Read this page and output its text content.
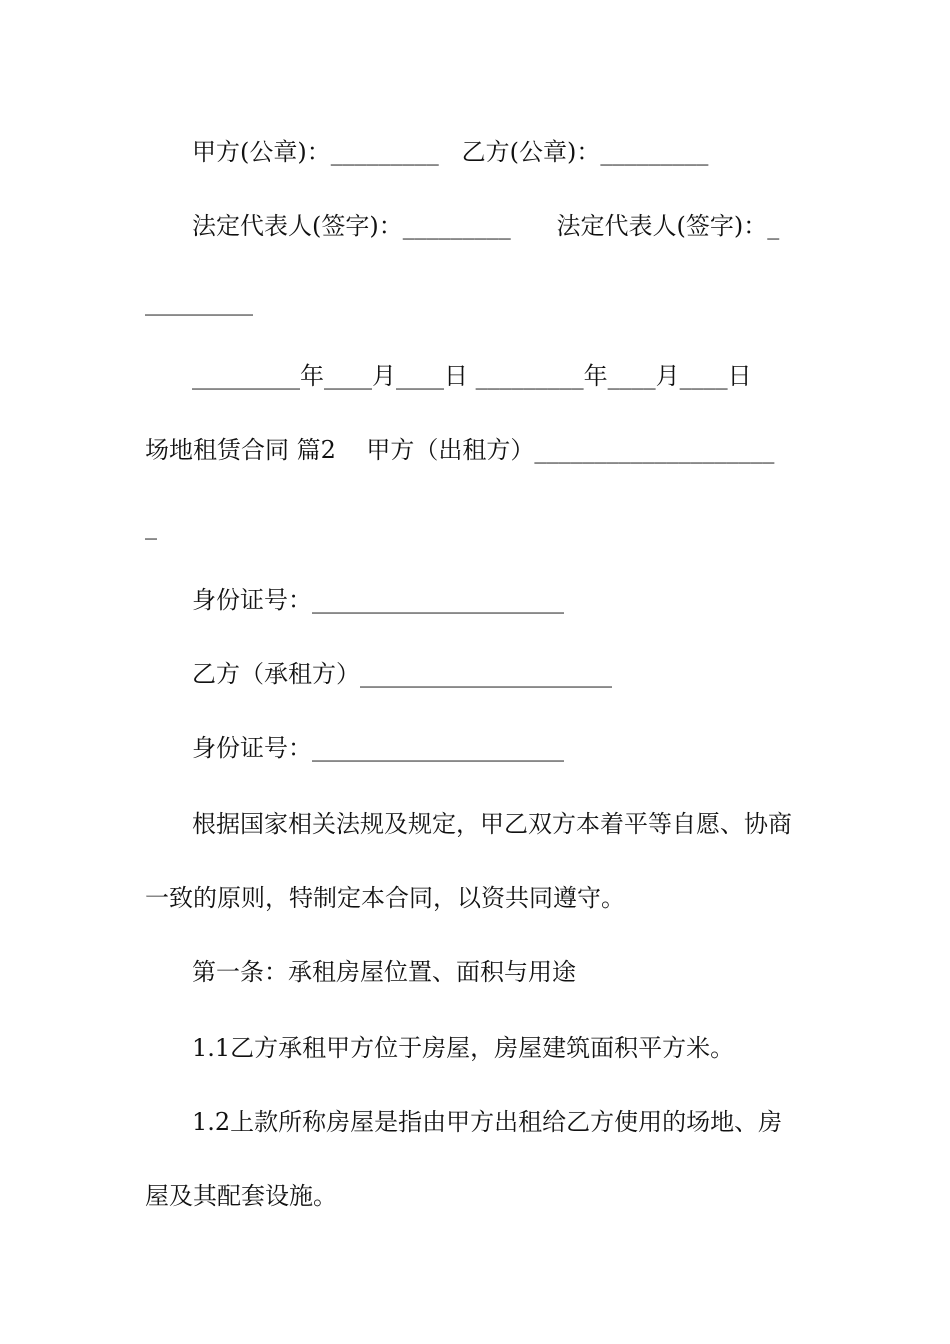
甲方(公章)：_________   乙方(公章)：_________
法定代表人(签字)：_________      法定代表人(签字)：_
_________
_________年____月____日 _________年____月____日
场地租赁合同 篇2    甲方（出租方）____________________
_
身份证号：_____________________
乙方（承租方）_____________________
身份证号：_____________________
根据国家相关法规及规定，甲乙双方本着平等自愿、协商
一致的原则，特制定本合同，以资共同遵守。
第一条：承租房屋位置、面积与用途
1.1乙方承租甲方位于房屋，房屋建筑面积平方米。
1.2上款所称房屋是指由甲方出租给乙方使用的场地、房
屋及其配套设施。
